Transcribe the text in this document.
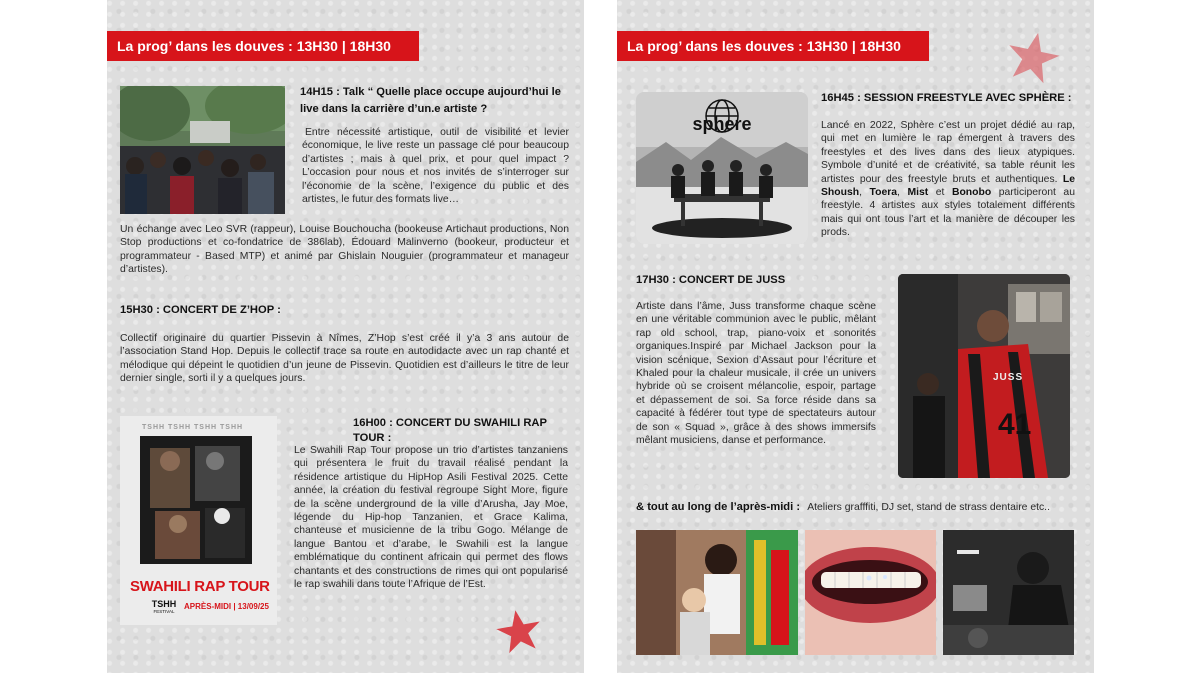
La prog’ dans les douves : 13H30 | 18H30

14H15 : Talk “ Quelle place occupe aujourd’hui le live dans la carrière d’un.e artiste ?

Entre nécessité artistique, outil de visibilité et levier économique, le live reste un passage clé pour beaucoup d’artistes ; mais à quel prix, et pour quel impact ? L’occasion pour nous et nos invités de s’interroger sur l’économie de la scène, l’exigence du public et des artistes, le futur des formats live…

Un échange avec Leo SVR (rappeur), Louise Bouchoucha (bookeuse Artichaut productions, Non Stop productions et co-fondatrice de 386lab), Édouard Malinverno (bookeur, producteur et programmateur - Based MTP) et animé par Ghislain Nouguier (programmateur et manageur d’artistes).

15H30 : CONCERT DE Z’HOP :

Collectif originaire du quartier Pissevin à Nîmes, Z’Hop s’est créé il y’a 3 ans autour de l’association Stand Hop. Depuis le collectif trace sa route en autodidacte avec un rap chanté et mélodique qui dépeint le quotidien d’un jeune de Pissevin. Quotidien est d’ailleurs le titre de leur dernier single, sorti il y a quelques jours.

16H00 : CONCERT DU SWAHILI RAP TOUR :

TSHH TSHH TSHH TSHH
SWAHILI RAP TOUR
TSHH
FESTIVAL
APRÈS-MIDI | 13/09/25

Le Swahili Rap Tour propose un trio d’artistes tanzaniens qui présentera le fruit du travail réalisé pendant la résidence artistique du HipHop Asili Festival 2025. Cette année, la création du festival regroupe Sight More, figure de la scène underground de la ville d’Arusha, Jay Moe, légende du Hip-hop Tanzanien, et Grace Kalima, chanteuse et musicienne de la tribu Gogo. Mélange de langue Bantou et d’arabe, le Swahili est la langue emblématique du continent africain qui permet des flows chantants et des constructions de rimes qui ont popularisé le rap swahili dans toute l’Afrique de l’Est.

La prog’ dans les douves : 13H30 | 18H30
sphere

16H45 : SESSION FREESTYLE AVEC SPHÈRE :

Lancé en 2022, Sphère c’est un projet dédié au rap, qui met en lumière le rap émergent à travers des freestyles et des lives dans des lieux atypiques. Symbole d’unité et de créativité, sa table réunit les artistes pour des freestyle bruts et authentiques. Le Shoush, Toera, Mist et Bonobo participeront au freestyle. 4 artistes aux styles totalement différents mais qui ont tous l’art et la manière de découper les prods.

17H30 : CONCERT DE JUSS

Artiste dans l’âme, Juss transforme chaque scène en une véritable communion avec le public, mêlant rap old school, trap, piano-voix et sonorités organiques.Inspiré par Michael Jackson pour la vision scénique, Sexion d’Assaut pour l’écriture et Khaled pour la chaleur musicale, il crée un univers hybride où se croisent mélancolie, espoir, partage et dépassement de soi. Sa force réside dans sa capacité à fédérer tout type de spectateurs autour de son « Squad », grâce à des shows immersifs mêlant musiciens, danse et performance.	41
JUSS

& tout au long de l’après-midi : Ateliers grafffiti, DJ set, stand de strass dentaire etc..
